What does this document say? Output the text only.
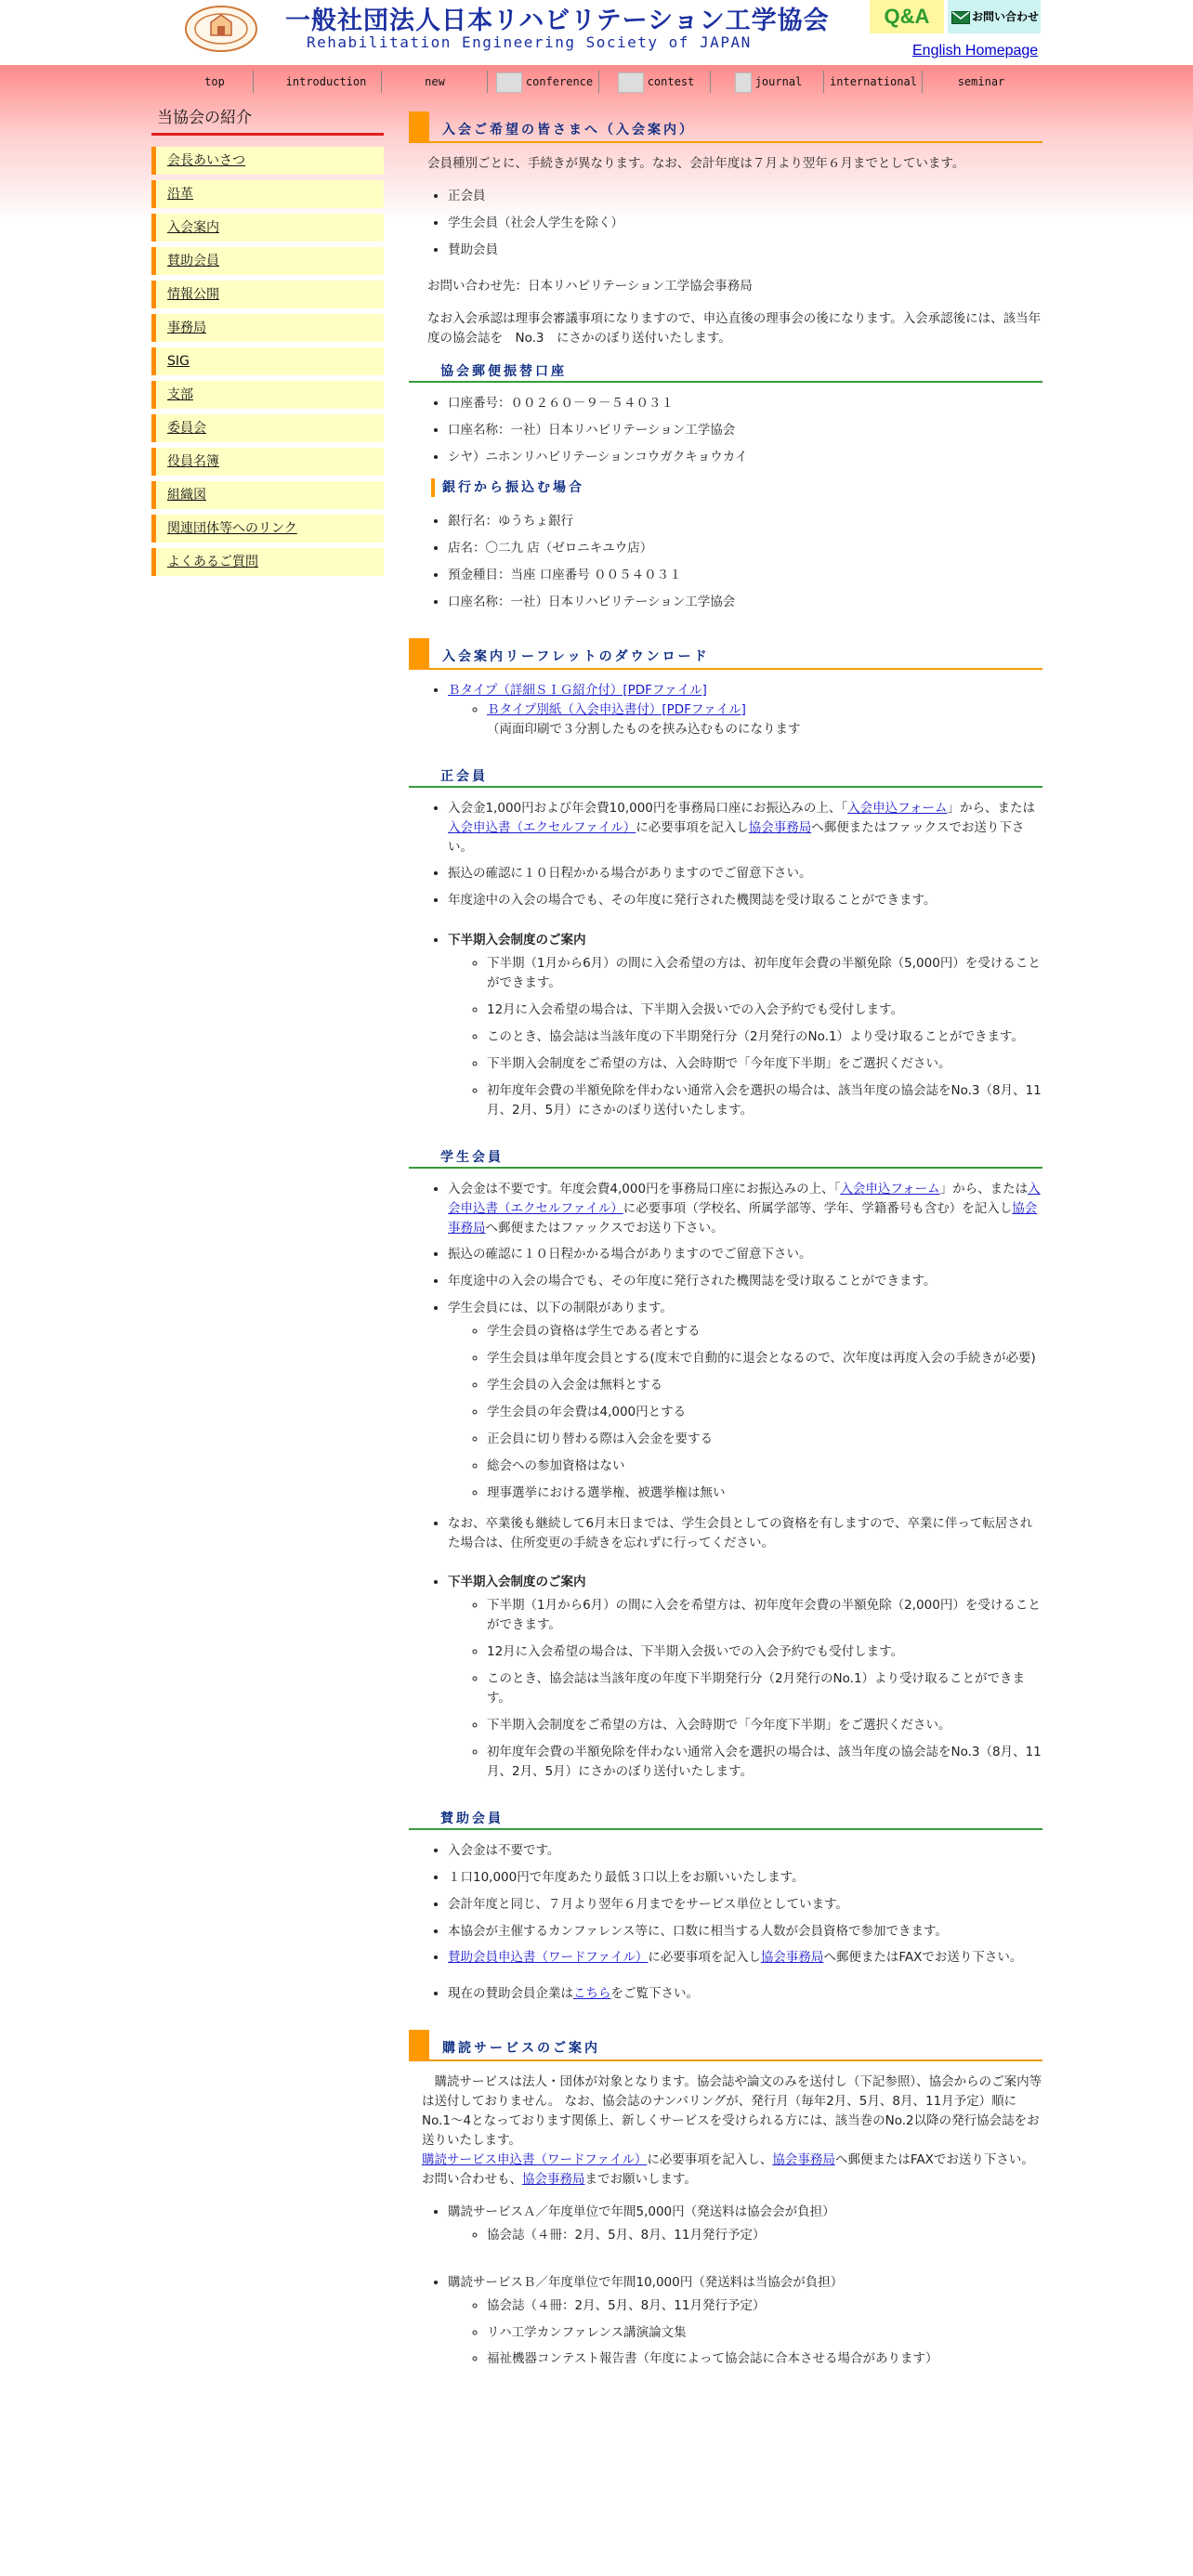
一般社団法人日本リハビリテーション工学協会
Rehabilitation Engineering Society of JAPAN
Q&A	お問い合わせ
English Homepage
top	introduction	new	conference	contest	journal	international	seminar
当協会の紹介
会長あいさつ
沿革
入会案内
賛助会員
情報公開
事務局
SIG
支部
委員会
役員名簿
組織図
関連団体等へのリンク
よくあるご質問
入会ご希望の皆さまへ（入会案内）

会員種別ごとに、手続きが異なります。なお、会計年度は７月より翌年６月までとしています。

• 正会員
• 学生会員（社会人学生を除く）
• 賛助会員

お問い合わせ先：日本リハビリテーション工学協会事務局

なお入会承認は理事会審議事項になりますので、申込直後の理事会の後になります。入会承認後には、該当年度の協会誌を　No.3　にさかのぼり送付いたします。

協会郵便振替口座
• 口座番号：００２６０－９－５４０３１
• 口座名称：一社）日本リハビリテーション工学協会
• シヤ）ニホンリハビリテーションコウガクキョウカイ
銀行から振込む場合
• 銀行名：ゆうちょ銀行
• 店名：〇二九 店（ゼロニキユウ店）
• 預金種目：当座 口座番号 ００５４０３１
• 口座名称：一社）日本リハビリテーション工学協会
入会案内リーフレットのダウンロード
• Ｂタイプ（詳細ＳＩＧ紹介付）[PDFファイル]
◦ Ｂタイプ別紙（入会申込書付）[PDFファイル]
（両面印刷で３分割したものを挟み込むものになります
正会員
• 入会金1,000円および年会費10,000円を事務局口座にお振込みの上、「入会申込フォーム」から、または入会申込書（エクセルファイル）に必要事項を記入し協会事務局へ郵便またはファックスでお送り下さい。
• 振込の確認に１０日程かかる場合がありますのでご留意下さい。
• 年度途中の入会の場合でも、その年度に発行された機関誌を受け取ることができます。
• 下半期入会制度のご案内
◦ 下半期（1月から6月）の間に入会希望の方は、初年度年会費の半額免除（5,000円）を受けることができます。
◦ 12月に入会希望の場合は、下半期入会扱いでの入会予約でも受付します。
◦ このとき、協会誌は当該年度の下半期発行分（2月発行のNo.1）より受け取ることができます。
◦ 下半期入会制度をご希望の方は、入会時期で「今年度下半期」をご選択ください。
◦ 初年度年会費の半額免除を伴わない通常入会を選択の場合は、該当年度の協会誌をNo.3（8月、11月、2月、5月）にさかのぼり送付いたします。
学生会員
• 入会金は不要です。年度会費4,000円を事務局口座にお振込みの上、「入会申込フォーム」から、または入会申込書（エクセルファイル）に必要事項（学校名、所属学部等、学年、学籍番号も含む）を記入し協会事務局へ郵便またはファックスでお送り下さい。
• 振込の確認に１０日程かかる場合がありますのでご留意下さい。
• 年度途中の入会の場合でも、その年度に発行された機関誌を受け取ることができます。
• 学生会員には、以下の制限があります。
◦ 学生会員の資格は学生である者とする
◦ 学生会員は単年度会員とする(度末で自動的に退会となるので、次年度は再度入会の手続きが必要)
◦ 学生会員の入会金は無料とする
◦ 学生会員の年会費は4,000円とする
◦ 正会員に切り替わる際は入会金を要する
◦ 総会への参加資格はない
◦ 理事選挙における選挙権、被選挙権は無い
• なお、卒業後も継続して6月末日までは、学生会員としての資格を有しますので、卒業に伴って転居された場合は、住所変更の手続きを忘れずに行ってください。
• 下半期入会制度のご案内
◦ 下半期（1月から6月）の間に入会を希望方は、初年度年会費の半額免除（2,000円）を受けることができます。
◦ 12月に入会希望の場合は、下半期入会扱いでの入会予約でも受付します。
◦ このとき、協会誌は当該年度の年度下半期発行分（2月発行のNo.1）より受け取ることができます。
◦ 下半期入会制度をご希望の方は、入会時期で「今年度下半期」をご選択ください。
◦ 初年度年会費の半額免除を伴わない通常入会を選択の場合は、該当年度の協会誌をNo.3（8月、11月、2月、5月）にさかのぼり送付いたします。
賛助会員
• 入会金は不要です。
• １口10,000円で年度あたり最低３口以上をお願いいたします。
• 会計年度と同じ、７月より翌年６月までをサービス単位としています。
• 本協会が主催するカンファレンス等に、口数に相当する人数が会員資格で参加できます。
• 賛助会員申込書（ワードファイル）に必要事項を記入し協会事務局へ郵便またはFAXでお送り下さい。
• 現在の賛助会員企業はこちらをご覧下さい。
購読サービスのご案内

購読サービスは法人・団体が対象となります。協会誌や論文のみを送付し（下記参照）、協会からのご案内等は送付しておりません。 なお、協会誌のナンバリングが、発行月（毎年2月、5月、8月、11月予定）順にNo.1～4となっております関係上、新しくサービスを受けられる方には、該当巻のNo.2以降の発行協会誌をお送りいたします。

購読サービス申込書（ワードファイル）に必要事項を記入し、協会事務局へ郵便またはFAXでお送り下さい。お問い合わせも、協会事務局までお願いします。

• 購読サービスＡ／年度単位で年間5,000円（発送料は協会会が負担）
◦ 協会誌（４冊：2月、5月、8月、11月発行予定）
• 購読サービスＢ／年度単位で年間10,000円（発送料は当協会が負担）
◦ 協会誌（４冊：2月、5月、8月、11月発行予定）
◦ リハ工学カンファレンス講演論文集
◦ 福祉機器コンテスト報告書（年度によって協会誌に合本させる場合があります）
